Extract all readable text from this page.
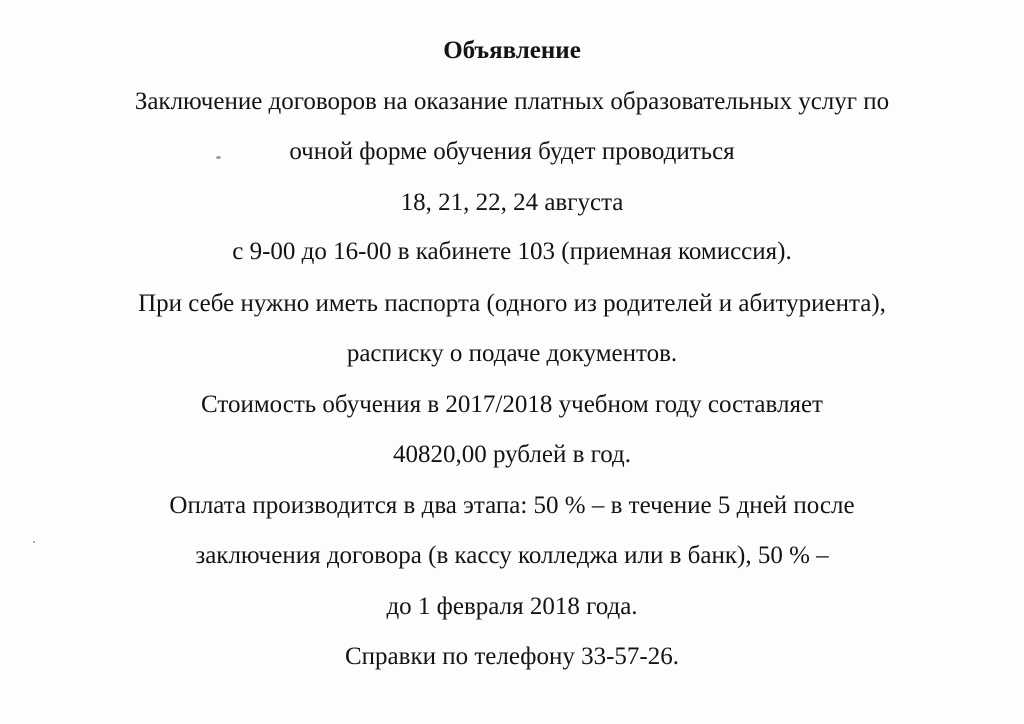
Объявление
Заключение договоров на оказание платных образовательных услуг по
очной форме обучения будет проводиться
18, 21, 22, 24 августа
с 9-00 до 16-00 в кабинете 103 (приемная комиссия).
При себе нужно иметь паспорта (одного из родителей и абитуриента),
расписку о подаче документов.
Стоимость обучения в 2017/2018 учебном году составляет
40820,00 рублей в год.
Оплата производится в два этапа: 50 % – в течение 5 дней после
заключения договора (в кассу колледжа или в банк), 50 % –
до 1 февраля 2018 года.
Справки по телефону 33-57-26.
